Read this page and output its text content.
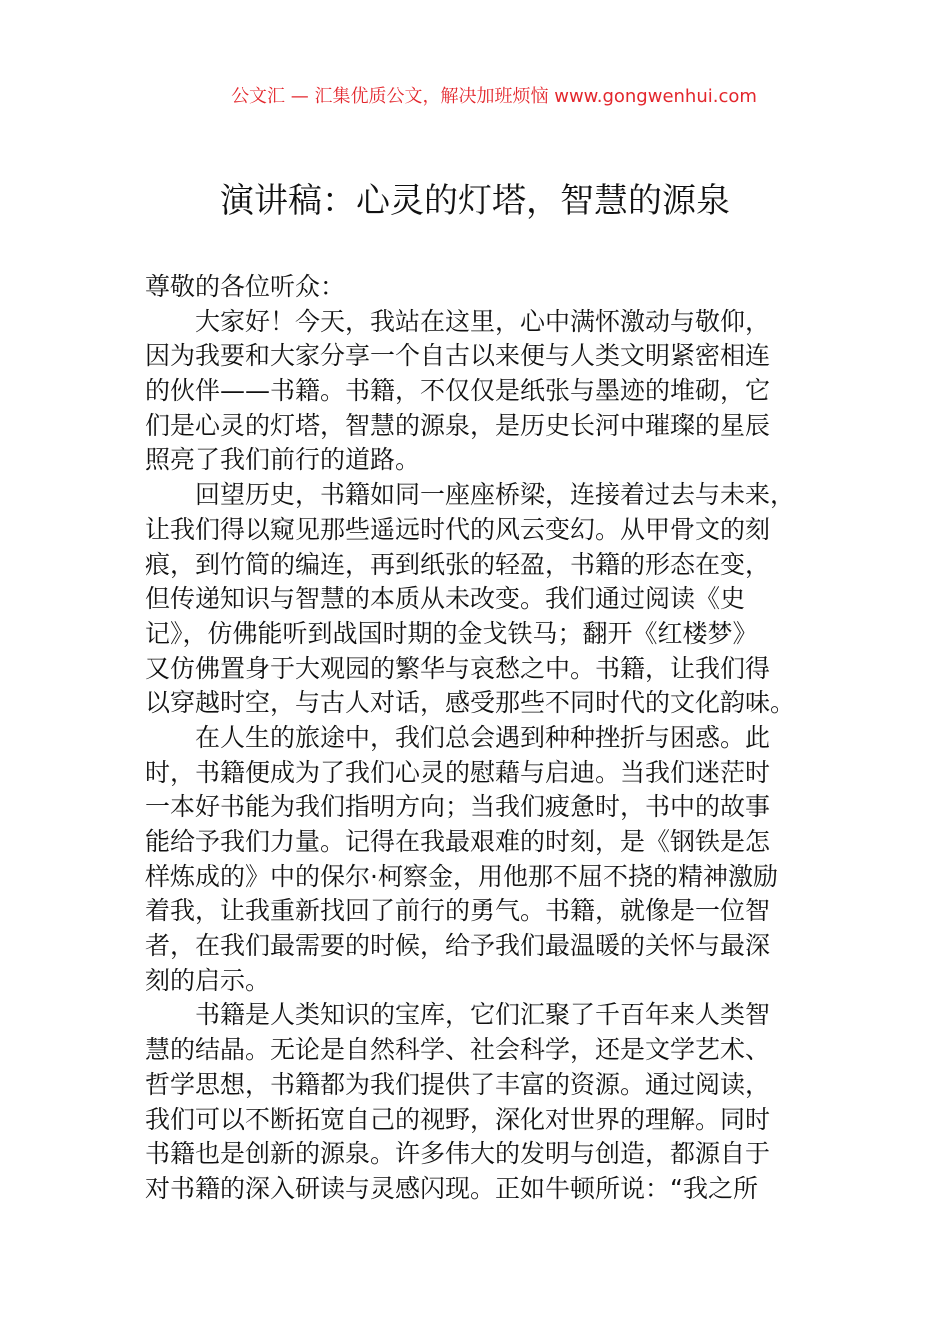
公文汇 — 汇集优质公文，解决加班烦恼 www.gongwenhui.com
演讲稿：心灵的灯塔，智慧的源泉
尊敬的各位听众：
大家好！今天，我站在这里，心中满怀激动与敬仰，
因为我要和大家分享一个自古以来便与人类文明紧密相连
的伙伴——书籍。书籍，不仅仅是纸张与墨迹的堆砌，它
们是心灵的灯塔，智慧的源泉，是历史长河中璀璨的星辰
照亮了我们前行的道路。
回望历史，书籍如同一座座桥梁，连接着过去与未来，
让我们得以窥见那些遥远时代的风云变幻。从甲骨文的刻
痕，到竹简的编连，再到纸张的轻盈，书籍的形态在变，
但传递知识与智慧的本质从未改变。我们通过阅读《史
记》，仿佛能听到战国时期的金戈铁马；翻开《红楼梦》
又仿佛置身于大观园的繁华与哀愁之中。书籍，让我们得
以穿越时空，与古人对话，感受那些不同时代的文化韵味。
在人生的旅途中，我们总会遇到种种挫折与困惑。此
时，书籍便成为了我们心灵的慰藉与启迪。当我们迷茫时
一本好书能为我们指明方向；当我们疲惫时，书中的故事
能给予我们力量。记得在我最艰难的时刻，是《钢铁是怎
样炼成的》中的保尔·柯察金，用他那不屈不挠的精神激励
着我，让我重新找回了前行的勇气。书籍，就像是一位智
者，在我们最需要的时候，给予我们最温暖的关怀与最深
刻的启示。
书籍是人类知识的宝库，它们汇聚了千百年来人类智
慧的结晶。无论是自然科学、社会科学，还是文学艺术、
哲学思想，书籍都为我们提供了丰富的资源。通过阅读，
我们可以不断拓宽自己的视野，深化对世界的理解。同时
书籍也是创新的源泉。许多伟大的发明与创造，都源自于
对书籍的深入研读与灵感闪现。正如牛顿所说：“我之所
